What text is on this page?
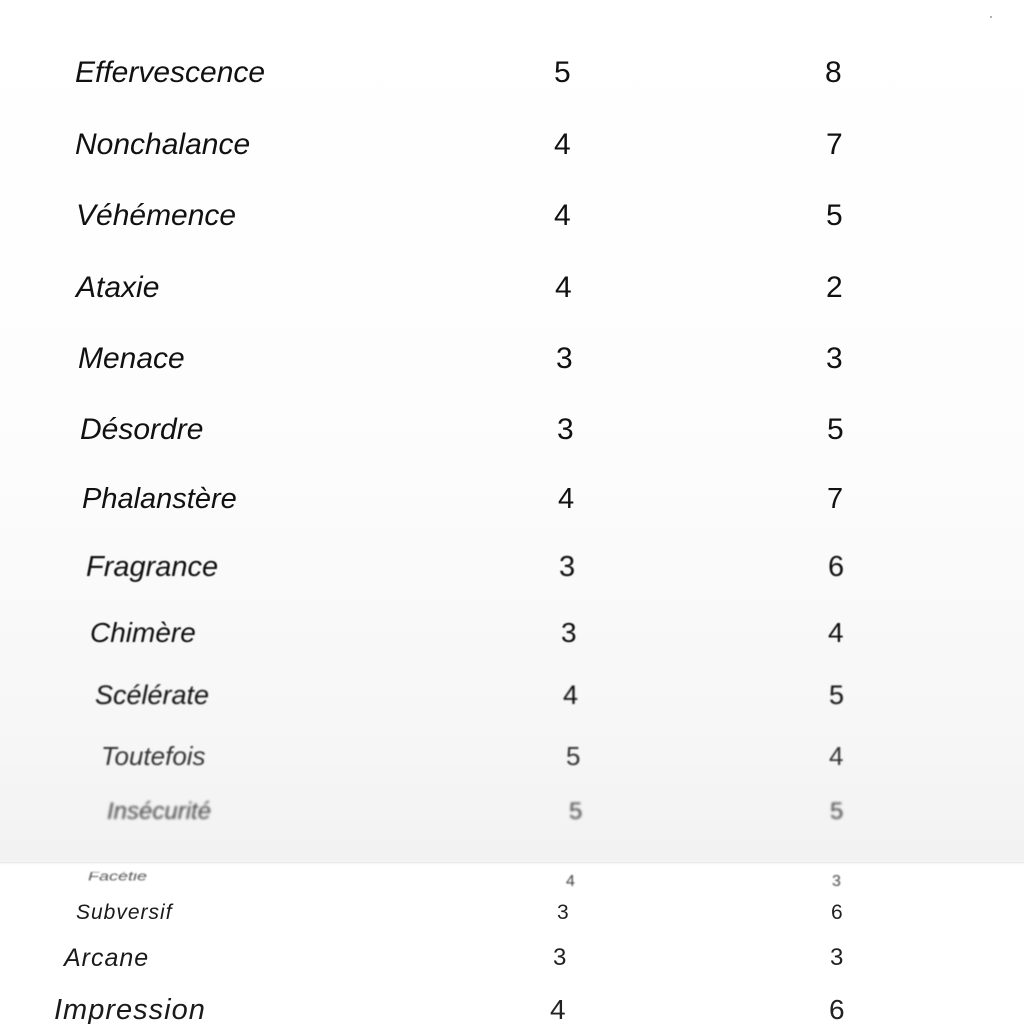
Effervescence	5	8
Nonchalance	4	7
Véhémence	4	5
Ataxie	4	2
Menace	3	3
Désordre	3	5
Phalanstère	4	7
Fragrance	3	6
Chimère	3	4
Scélérate	4	5
Toutefois	5	4
Insécurité	5	5
Facétie	4	3
Subversif	3	6
Arcane	3	3
Impression	4	6
